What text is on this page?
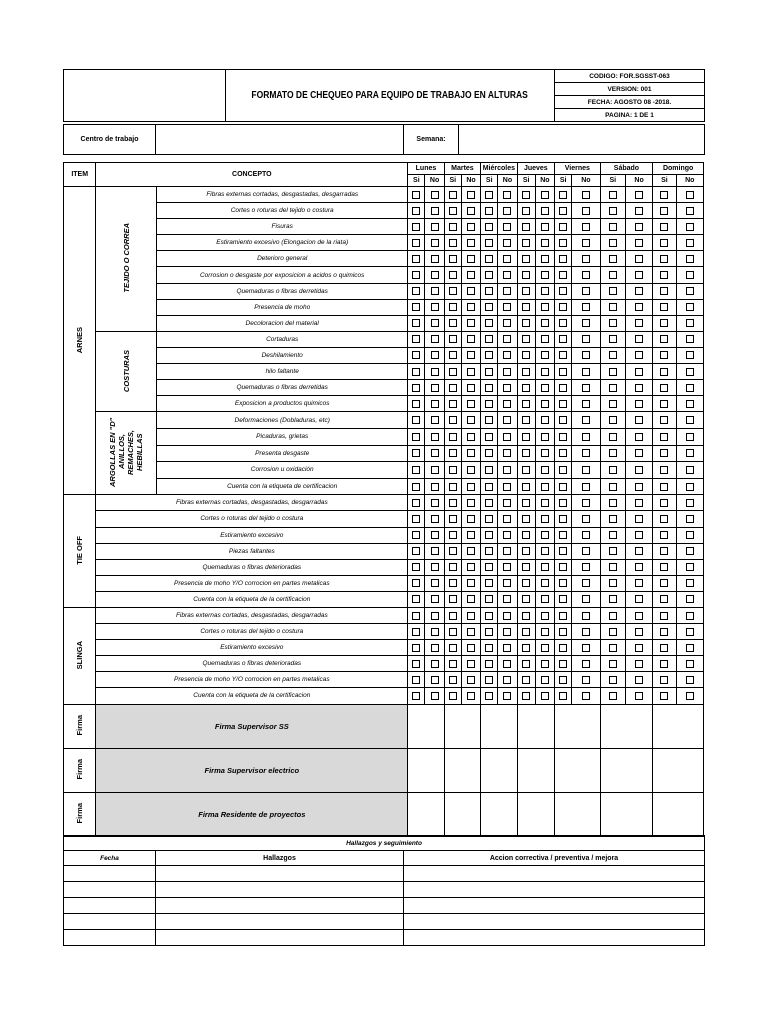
	FORMATO DE CHEQUEO PARA EQUIPO DE TRABAJO EN ALTURAS	CODIGO: FOR.SGSST-063
VERSION: 001
FECHA: AGOSTO 08 -2018.
PAGINA: 1 DE 1
Centro de trabajo		Semana:	
ITEM	CONCEPTO		Lunes		Martes		Miércoles		Jueves		Viernes		Sábado		Domingo	
			Si	No	Si	No	Si	No	Si	No	Si	No	Si	No	Si	No
ARNES	TEJIDO O CORREA	Fibras externas cortadas, desgastadas, desgarradas														
		Cortes o roturas del tejido o costura														
		Fisuras														
		Estiramiento excesivo (Elongacion de la riata)														
		Deterioro general														
		Corrosion o desgaste por exposicion a acidos o quimicos														
		Quemaduras o fibras derretidas														
		Presencia de moho														
		Decoloracion del material														
	COSTURAS	Cortaduras														
		Deshilamiento														
		hilo faltante														
		Quemaduras o fibras derretidas														
		Exposicion a productos quimicos														
	ARGOLLAS EN "D" ANILLOS, REMACHES, HEBILLAS	Deformaciones (Dobladuras, etc)														
		Picaduras, grietas														
		Presenta desgaste														
		Corrosion u oxidación														
		Cuenta con la etiqueta de certificacion														
TIE OFF	Fibras externas cortadas, desgastadas, desgarradas															
	Cortes o roturas del tejido o costura															
	Estiramiento excesivo															
	Piezas faltantes															
	Quemaduras o fibras deterioradas															
	Presencia de moho Y/O corrocion en partes metalicas															
	Cuenta con la etiqueta de la certificacion															
SLINGA	Fibras externas cortadas, desgastadas, desgarradas															
	Cortes o roturas del tejido o costura															
	Estiramiento excesivo															
	Quemaduras o fibras deterioradas															
	Presencia de moho Y/O corrocion en partes metalicas															
	Cuenta con la etiqueta de la certificacion															
Firma	Firma Supervisor SS															
Firma	Firma Supervisor electrico															
Firma	Firma Residente de proyectos															
Hallazgos y seguimiento		
Fecha	Hallazgos	Accion correctiva / preventiva / mejora
